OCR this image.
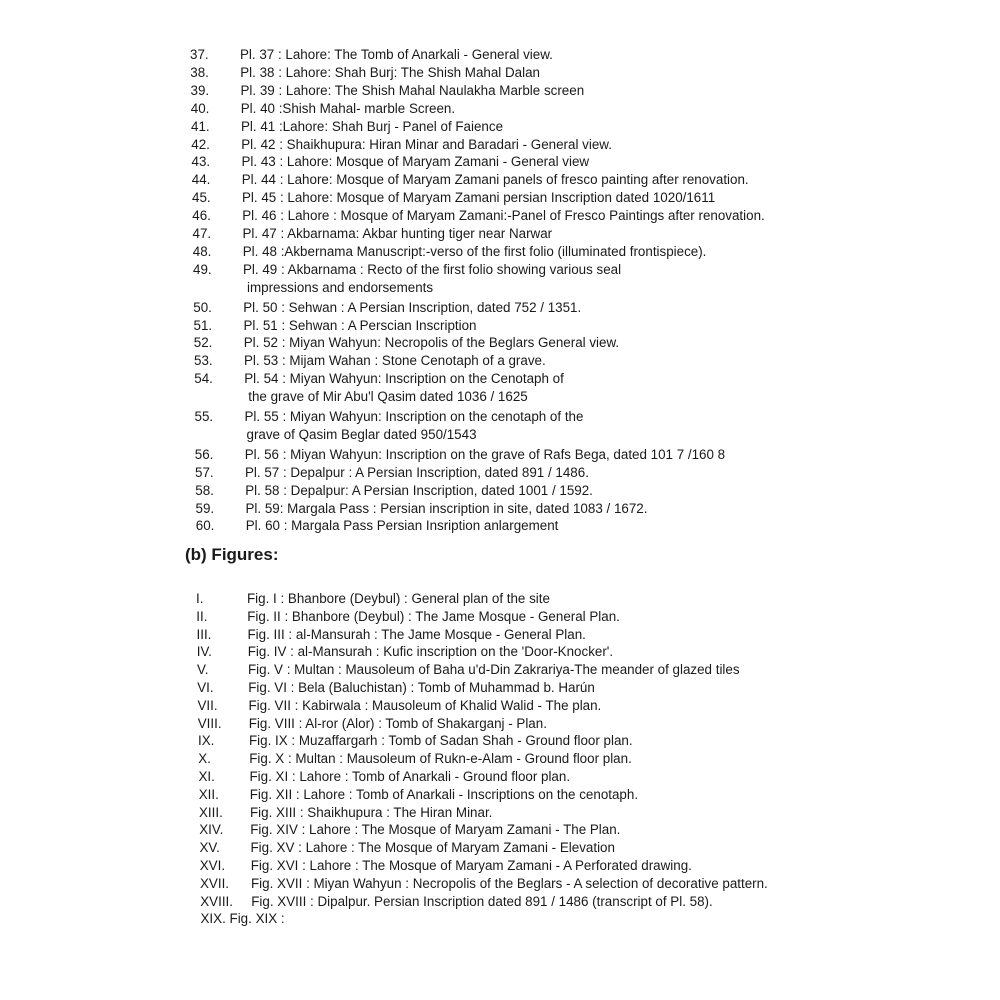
37. Pl. 37 : Lahore: The Tomb of Anarkali - General view.
38. Pl. 38 : Lahore: Shah Burj: The Shish Mahal Dalan
39. Pl. 39 : Lahore: The Shish Mahal Naulakha Marble screen
40. Pl. 40 :Shish Mahal- marble Screen.
41. Pl. 41 :Lahore: Shah Burj - Panel of Faience
42. Pl. 42 : Shaikhupura: Hiran Minar and Baradari - General view.
43. Pl. 43 : Lahore: Mosque of Maryam Zamani - General view
44. Pl. 44 : Lahore: Mosque of Maryam Zamani panels of fresco painting after renovation.
45. Pl. 45 : Lahore: Mosque of Maryam Zamani persian Inscription dated 1020/1611
46. Pl. 46 : Lahore : Mosque of Maryam Zamani:-Panel of Fresco Paintings after renovation.
47. Pl. 47 : Akbarnama: Akbar hunting tiger near Narwar
48. Pl. 48 :Akbernama Manuscript:-verso of the first folio (illuminated frontispiece).
49. Pl. 49 : Akbarnama : Recto of the first folio showing various seal
impressions and endorsements
50. Pl. 50 : Sehwan : A Persian Inscription, dated 752 / 1351.
51. Pl. 51 : Sehwan : A Perscian Inscription
52. Pl. 52 : Miyan Wahyun: Necropolis of the Beglars General view.
53. Pl. 53 : Mijam Wahan : Stone Cenotaph of a grave.
54. Pl. 54 : Miyan Wahyun: Inscription on the Cenotaph of
the grave of Mir Abu'l Qasim dated 1036 / 1625
55. Pl. 55 : Miyan Wahyun: Inscription on the cenotaph of the
grave of Qasim Beglar dated 950/1543
56. Pl. 56 : Miyan Wahyun: Inscription on the grave of Rafs Bega, dated 101 7 /160 8
57. Pl. 57 : Depalpur : A Persian Inscription, dated 891 / 1486.
58. Pl. 58 : Depalpur: A Persian Inscription, dated 1001 / 1592.
59. Pl. 59: Margala Pass : Persian inscription in site, dated 1083 / 1672.
60. Pl. 60 : Margala Pass Persian Insription anlargement
(b) Figures:
I.	Fig. I : Bhanbore (Deybul) : General plan of the site
II.	Fig. II : Bhanbore (Deybul) : The Jame Mosque - General Plan.
III.	Fig. III : al-Mansurah : The Jame Mosque - General Plan.
IV.	Fig. IV : al-Mansurah : Kufic inscription on the 'Door-Knocker'.
V.	Fig. V : Multan : Mausoleum of Baha u'd-Din Zakrariya-The meander of glazed tiles
VI.	Fig. VI : Bela (Baluchistan) : Tomb of Muhammad b. Harún
VII. Fig. VII : Kabirwala : Mausoleum of Khalid Walid - The plan.
VIII. Fig. VIII : Al-ror (Alor) : Tomb of Shakarganj - Plan.
IX.	Fig. IX : Muzaffargarh : Tomb of Sadan Shah - Ground floor plan.
X.	Fig. X : Multan : Mausoleum of Rukn-e-Alam - Ground floor plan.
XI.	Fig. XI : Lahore : Tomb of Anarkali - Ground floor plan.
XII. Fig. XII : Lahore : Tomb of Anarkali - Inscriptions on the cenotaph.
XIII. Fig. XIII : Shaikhupura : The Hiran Minar.
XIV. Fig. XIV : Lahore : The Mosque of Maryam Zamani - The Plan.
XV. Fig. XV : Lahore : The Mosque of Maryam Zamani - Elevation
XVI. Fig. XVI : Lahore : The Mosque of Maryam Zamani - A Perforated drawing.
XVII. Fig. XVII : Miyan Wahyun : Necropolis of the Beglars - A selection of decorative pattern.
XVIII. Fig. XVIII : Dipalpur. Persian Inscription dated 891 / 1486 (transcript of Pl. 58).
XIX. Fig. XIX :
